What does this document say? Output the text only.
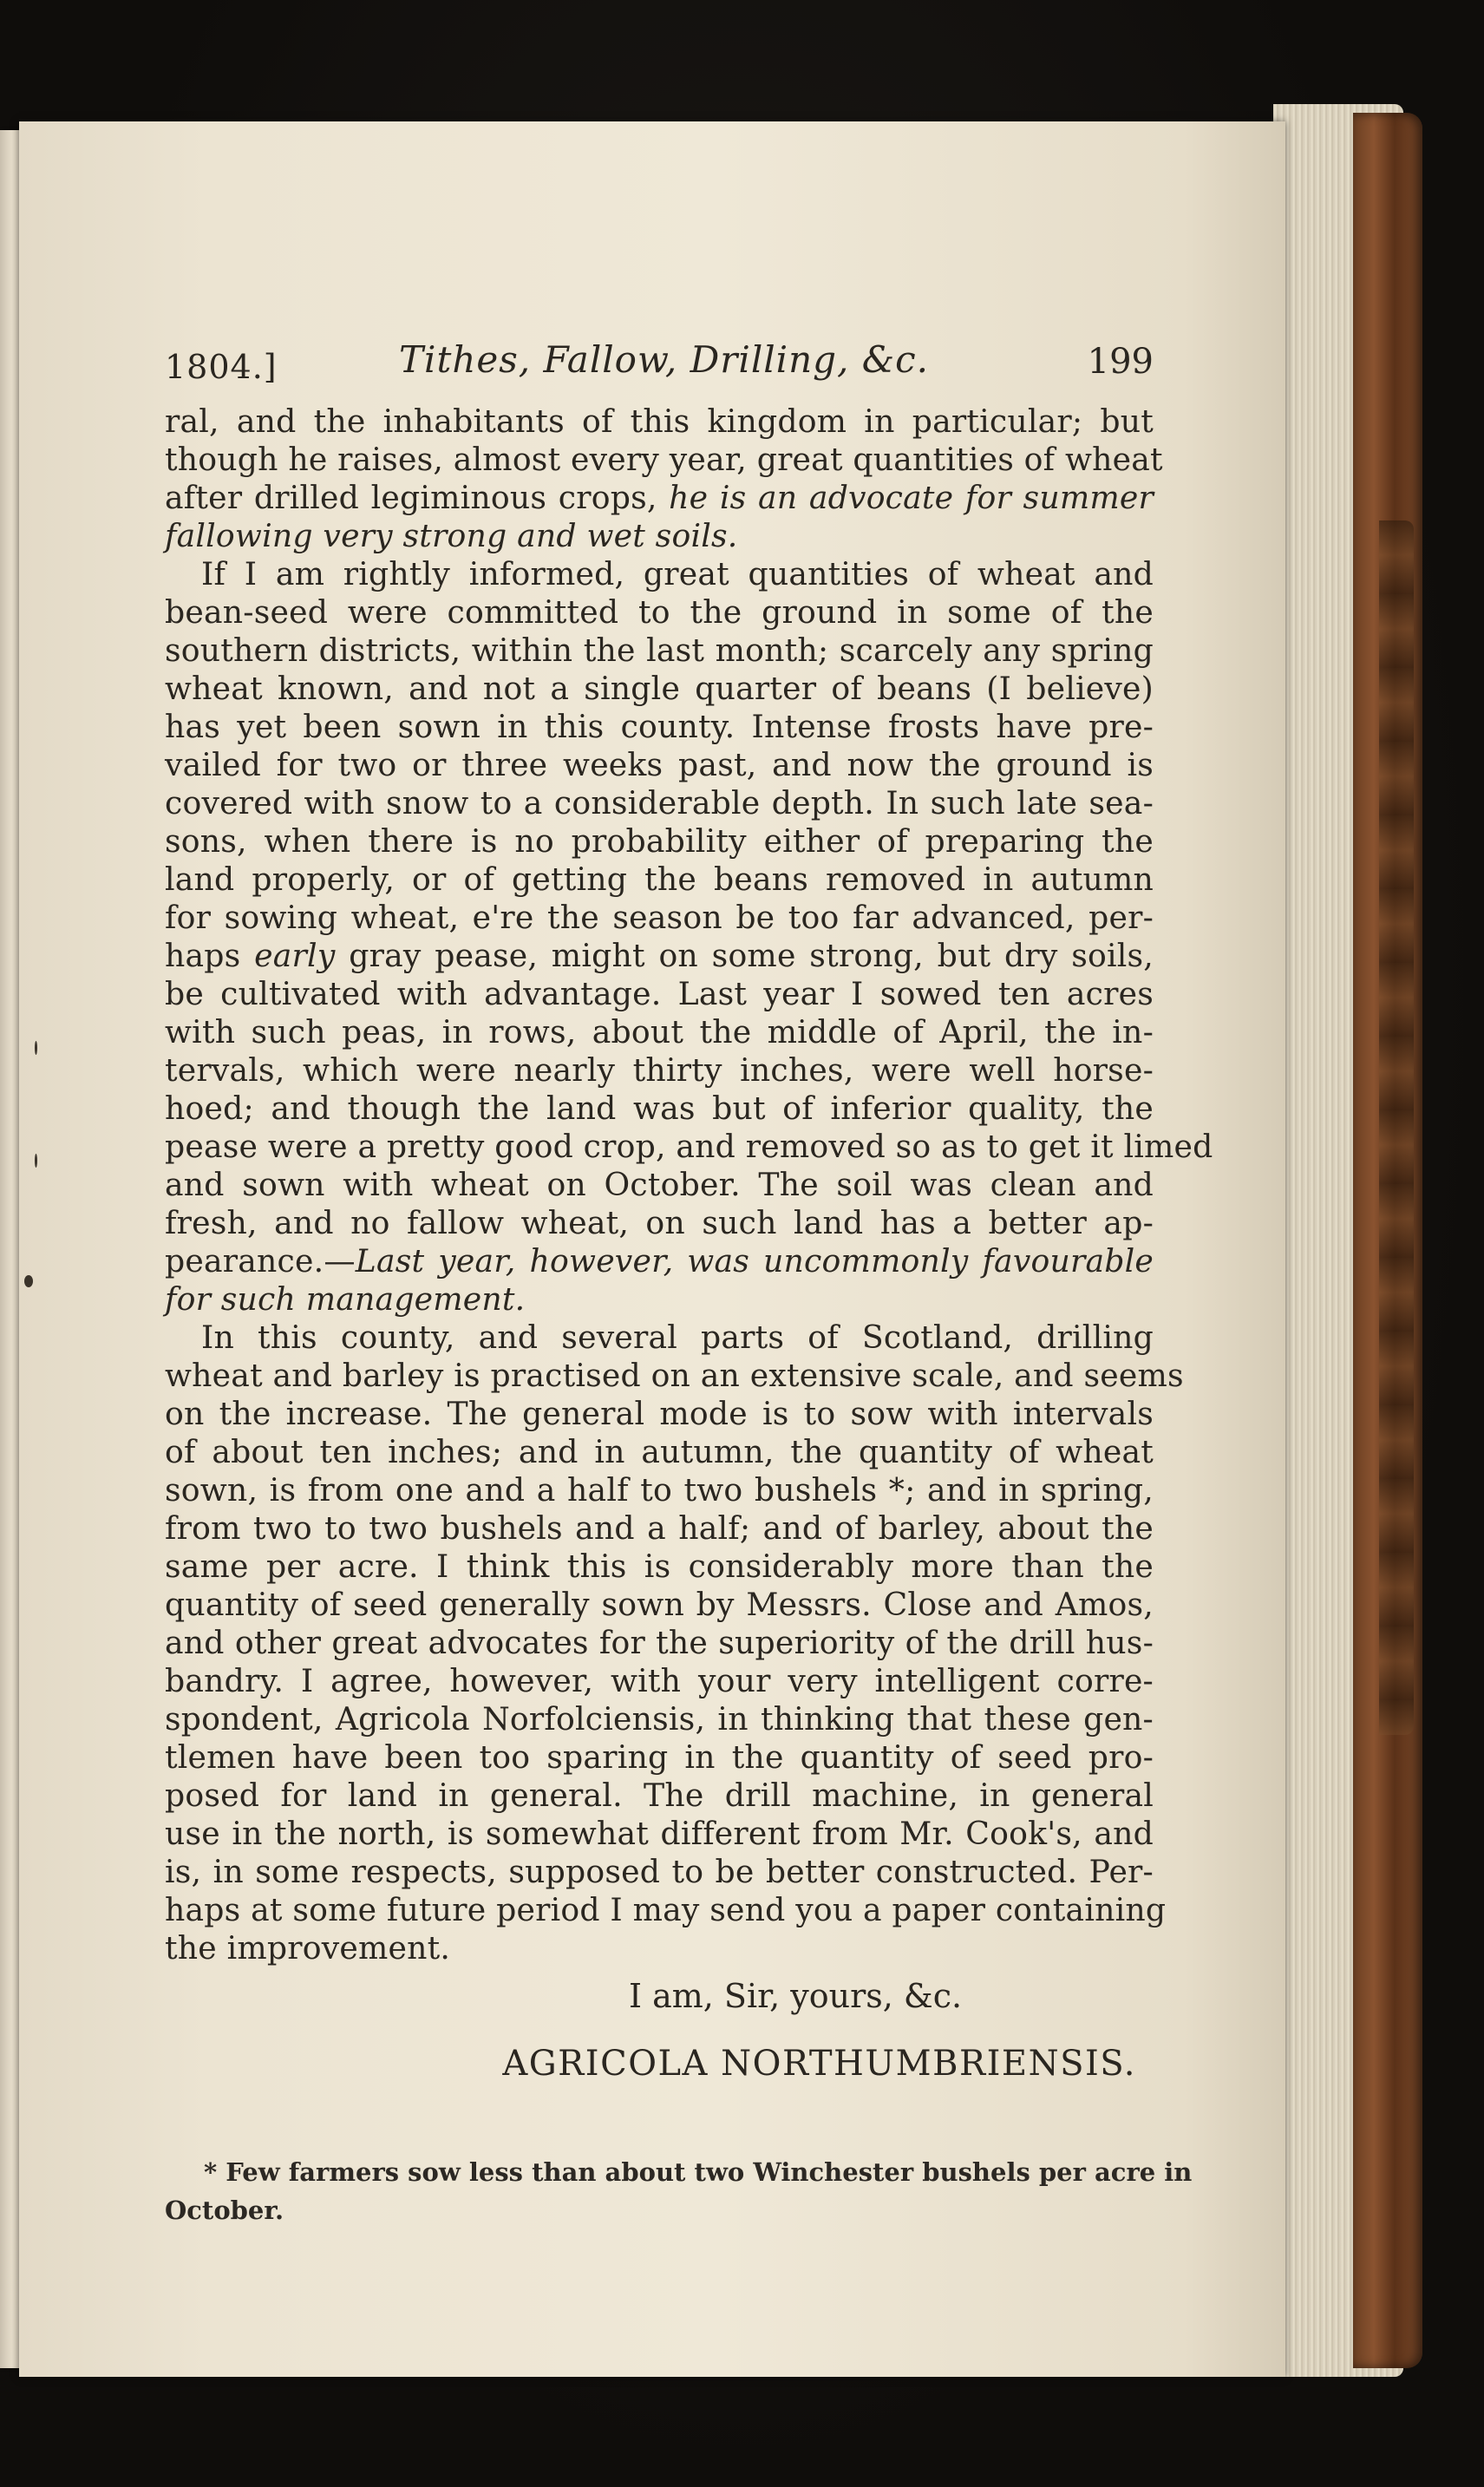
1804.]	Tithes, Fallow, Drilling, &c.	199
ral, and the inhabitants of this kingdom in particular; but
though he raises, almost every year, great quantities of wheat
after drilled legiminous crops, he is an advocate for summer
fallowing very strong and wet soils.
If I am rightly informed, great quantities of wheat and
bean-seed were committed to the ground in some of the
southern districts, within the last month; scarcely any spring
wheat known, and not a single quarter of beans (I believe)
has yet been sown in this county. Intense frosts have pre-
vailed for two or three weeks past, and now the ground is
covered with snow to a considerable depth. In such late sea-
sons, when there is no probability either of preparing the
land properly, or of getting the beans removed in autumn
for sowing wheat, e're the season be too far advanced, per-
haps early gray pease, might on some strong, but dry soils,
be cultivated with advantage. Last year I sowed ten acres
with such peas, in rows, about the middle of April, the in-
tervals, which were nearly thirty inches, were well horse-
hoed; and though the land was but of inferior quality, the
pease were a pretty good crop, and removed so as to get it limed
and sown with wheat on October. The soil was clean and
fresh, and no fallow wheat, on such land has a better ap-
pearance.—Last year, however, was uncommonly favourable
for such management.
In this county, and several parts of Scotland, drilling
wheat and barley is practised on an extensive scale, and seems
on the increase. The general mode is to sow with intervals
of about ten inches; and in autumn, the quantity of wheat
sown, is from one and a half to two bushels *; and in spring,
from two to two bushels and a half; and of barley, about the
same per acre. I think this is considerably more than the
quantity of seed generally sown by Messrs. Close and Amos,
and other great advocates for the superiority of the drill hus-
bandry. I agree, however, with your very intelligent corre-
spondent, Agricola Norfolciensis, in thinking that these gen-
tlemen have been too sparing in the quantity of seed pro-
posed for land in general. The drill machine, in general
use in the north, is somewhat different from Mr. Cook's, and
is, in some respects, supposed to be better constructed. Per-
haps at some future period I may send you a paper containing
the improvement.
I am, Sir, yours, &c.
AGRICOLA NORTHUMBRIENSIS.
* Few farmers sow less than about two Winchester bushels per acre in
October.
